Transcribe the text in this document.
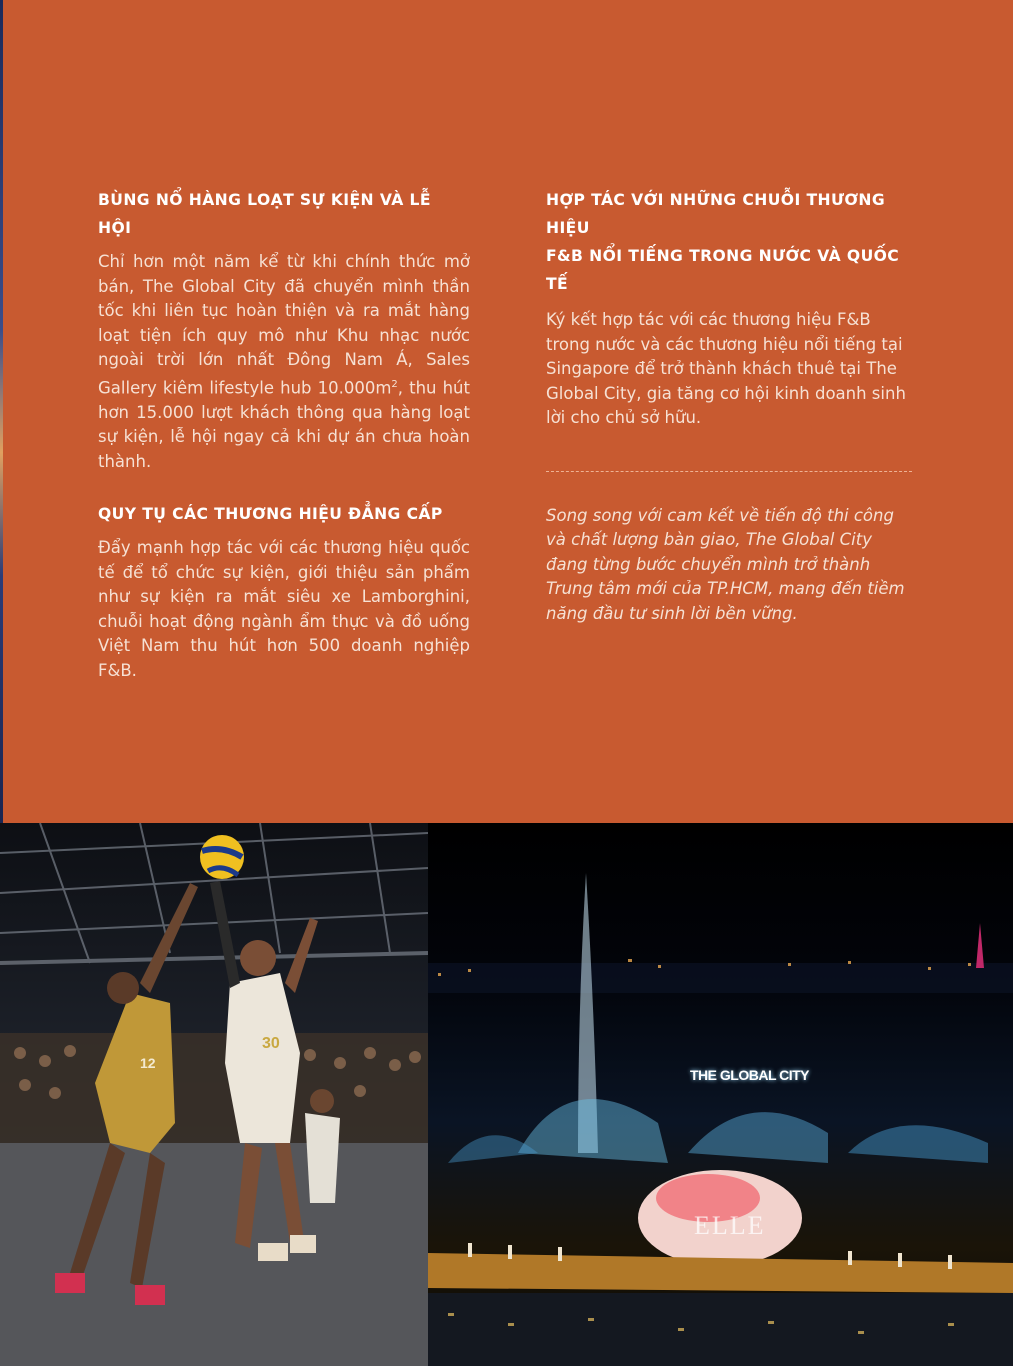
BÙNG NỔ HÀNG LOẠT SỰ KIỆN VÀ LỄ HỘI

Chỉ hơn một năm kể từ khi chính thức mở bán, The Global City đã chuyển mình thần tốc khi liên tục hoàn thiện và ra mắt hàng loạt tiện ích quy mô như Khu nhạc nước ngoài trời lớn nhất Đông Nam Á, Sales Gallery kiêm lifestyle hub $10.000m^2$, thu hút hơn 15.000 lượt khách thông qua hàng loạt sự kiện, lễ hội ngay cả khi dự án chưa hoàn thành.

QUY TỤ CÁC THƯƠNG HIỆU ĐẲNG CẤP

Đẩy mạnh hợp tác với các thương hiệu quốc tế để tổ chức sự kiện, giới thiệu sản phẩm như sự kiện ra mắt siêu xe Lamborghini, chuỗi hoạt động ngành ẩm thực và đồ uống Việt Nam thu hút hơn 500 doanh nghiệp F&B.

HỢP TÁC VỚI NHỮNG CHUỖI THƯƠNG HIỆU
F&B NỔI TIẾNG TRONG NƯỚC VÀ QUỐC TẾ

Ký kết hợp tác với các thương hiệu F&B trong nước và các thương hiệu nổi tiếng tại Singapore để trở thành khách thuê tại The Global City, gia tăng cơ hội kinh doanh sinh lời cho chủ sở hữu.

Song song với cam kết về tiến độ thi công và chất lượng bàn giao, The Global City đang từng bước chuyển mình trở thành Trung tâm mới của TP.HCM, mang đến tiềm năng đầu tư sinh lời bền vững.

30
12
THE GLOBAL CITY
ELLE
